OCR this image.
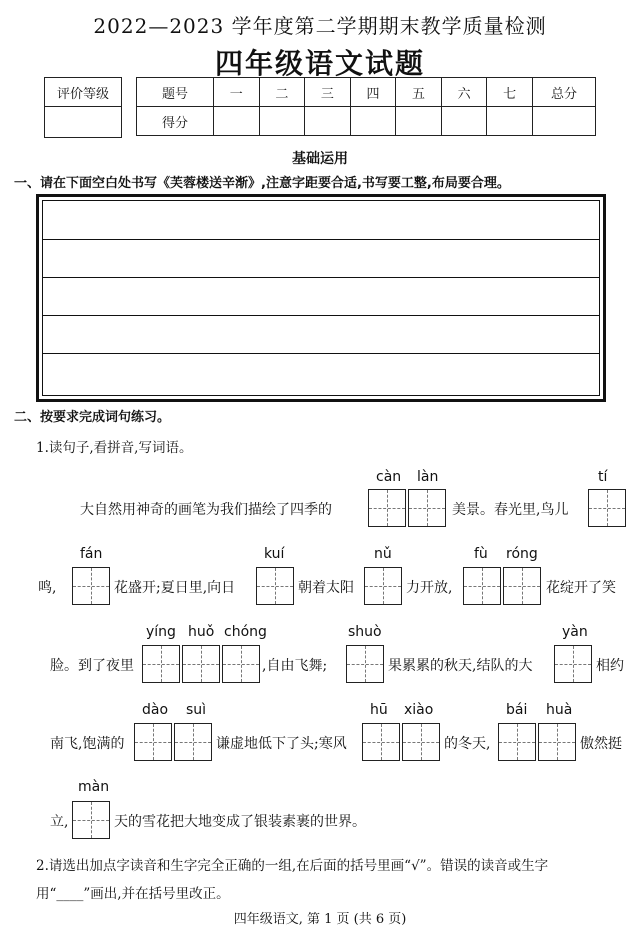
2022—2023 学年度第二学期期末教学质量检测
四年级语文试题
评价等级	题号	一	二	三	四	五	六	七	总分
得分								
基础运用
一、请在下面空白处书写《芙蓉楼送辛渐》,注意字距要合适,书写要工整,布局要合理。
二、按要求完成词句练习。
1.读句子,看拼音,写词语。
càn làn	tí
大自然用神奇的画笔为我们描绘了四季的	美景。春光里,鸟儿
fán	kuí	nǔ	fù róng
鸣,	花盛开;夏日里,向日	朝着太阳	力开放,	花绽开了笑
yíng huǒ chóng	shuò	yàn
脸。到了夜里	,自由飞舞;	果累累的秋天,结队的大	相约
dào suì	hū xiào	bái huà
南飞,饱满的	谦虚地低下了头;寒风	的冬天,	傲然挺
màn
立,	天的雪花把大地变成了银装素裹的世界。
2.请选出加点字读音和生字完全正确的一组,在后面的括号里画“√”。错误的读音或生字
用“____”画出,并在括号里改正。
四年级语文, 第 1 页 (共 6 页)
